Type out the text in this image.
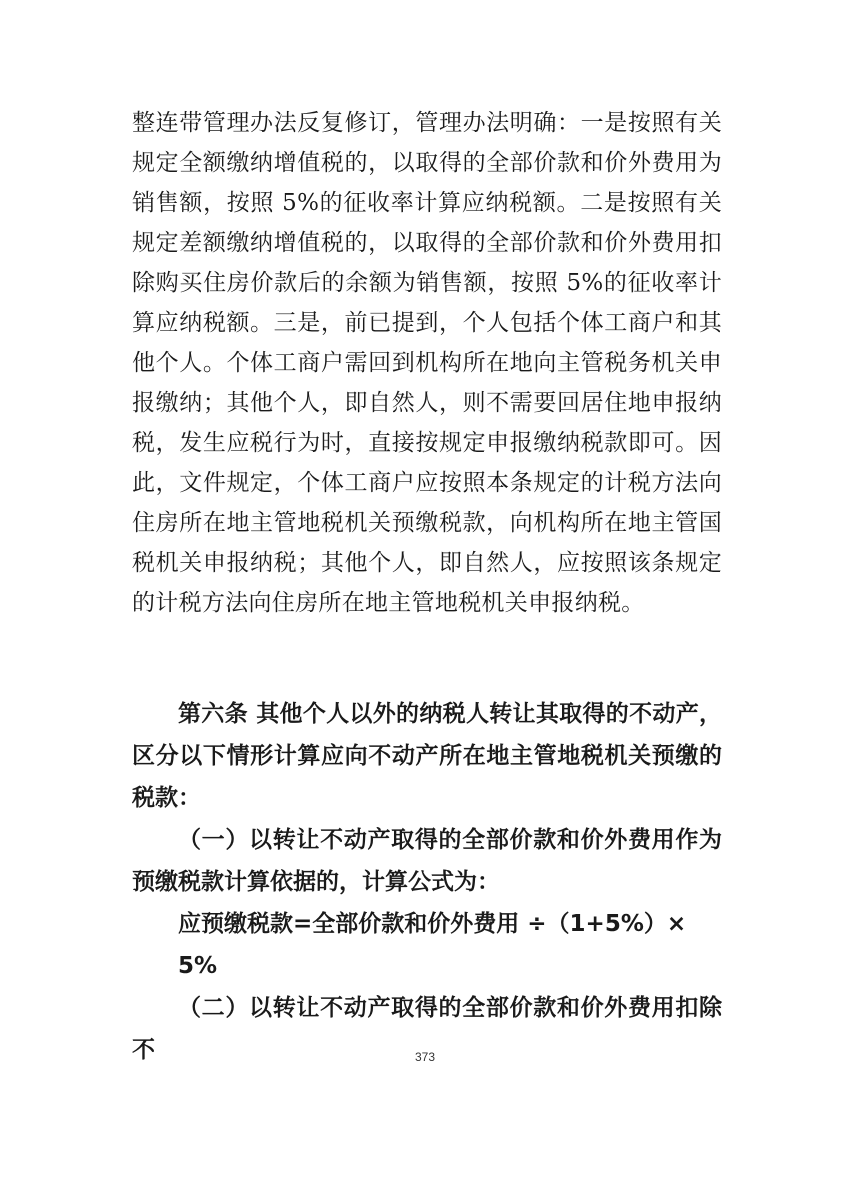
整连带管理办法反复修订，管理办法明确：一是按照有关规定全额缴纳增值税的，以取得的全部价款和价外费用为销售额，按照 5%的征收率计算应纳税额。二是按照有关规定差额缴纳增值税的，以取得的全部价款和价外费用扣除购买住房价款后的余额为销售额，按照 5%的征收率计算应纳税额。三是，前已提到，个人包括个体工商户和其他个人。个体工商户需回到机构所在地向主管税务机关申报缴纳；其他个人，即自然人，则不需要回居住地申报纳税，发生应税行为时，直接按规定申报缴纳税款即可。因此，文件规定，个体工商户应按照本条规定的计税方法向住房所在地主管地税机关预缴税款，向机构所在地主管国税机关申报纳税；其他个人，即自然人，应按照该条规定的计税方法向住房所在地主管地税机关申报纳税。

第六条 其他个人以外的纳税人转让其取得的不动产，区分以下情形计算应向不动产所在地主管地税机关预缴的税款：

（一）以转让不动产取得的全部价款和价外费用作为预缴税款计算依据的，计算公式为：

应预缴税款=全部价款和价外费用 ÷（1+5%）× 5%

（二）以转让不动产取得的全部价款和价外费用扣除不	373
